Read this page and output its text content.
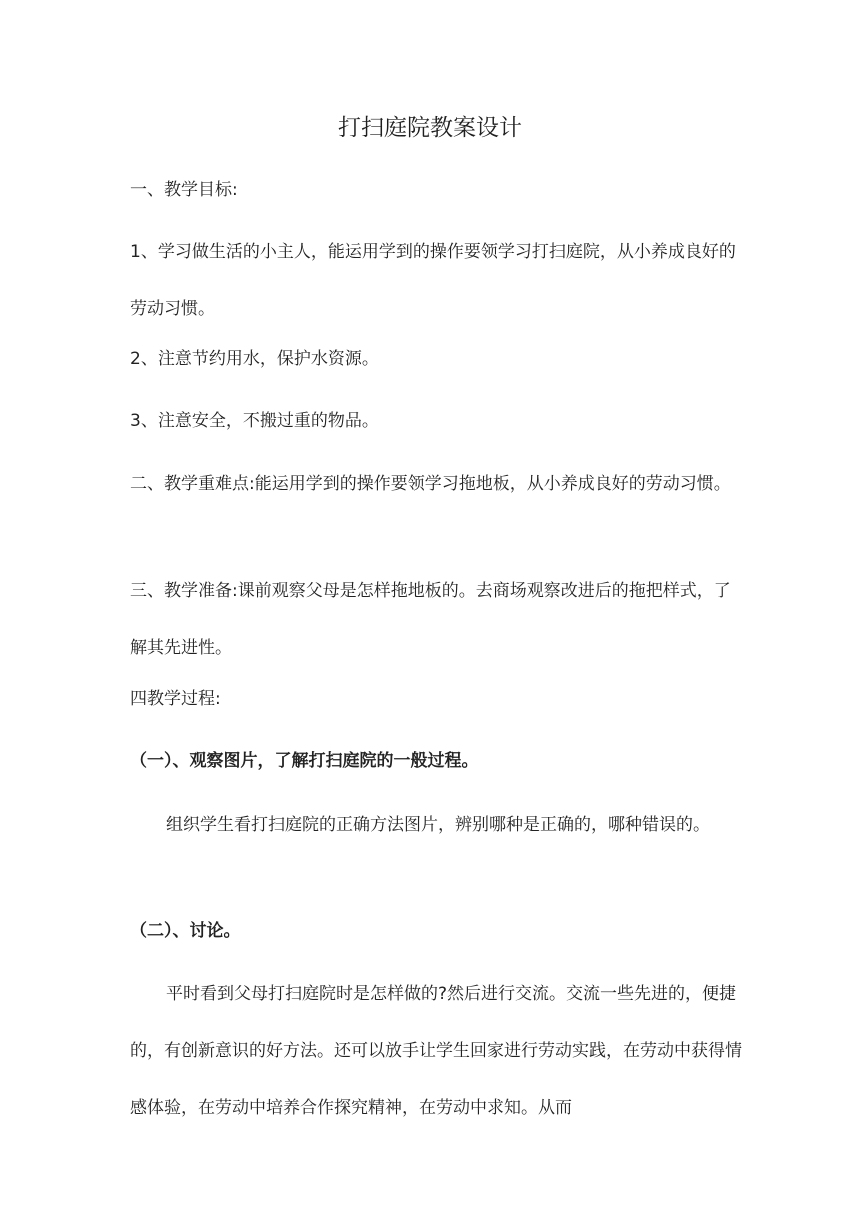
打扫庭院教案设计

一、教学目标:

1、学习做生活的小主人，能运用学到的操作要领学习打扫庭院，从小养成良好的劳动习惯。

2、注意节约用水，保护水资源。

3、注意安全，不搬过重的物品。

二、教学重难点:能运用学到的操作要领学习拖地板，从小养成良好的劳动习惯。

三、教学准备:课前观察父母是怎样拖地板的。去商场观察改进后的拖把样式，了解其先进性。

四教学过程:

（一）、观察图片，了解打扫庭院的一般过程。

组织学生看打扫庭院的正确方法图片，辨别哪种是正确的，哪种错误的。

（二）、讨论。

平时看到父母打扫庭院时是怎样做的?然后进行交流。交流一些先进的，便捷的，有创新意识的好方法。还可以放手让学生回家进行劳动实践，在劳动中获得情感体验，在劳动中培养合作探究精神，在劳动中求知。从而
